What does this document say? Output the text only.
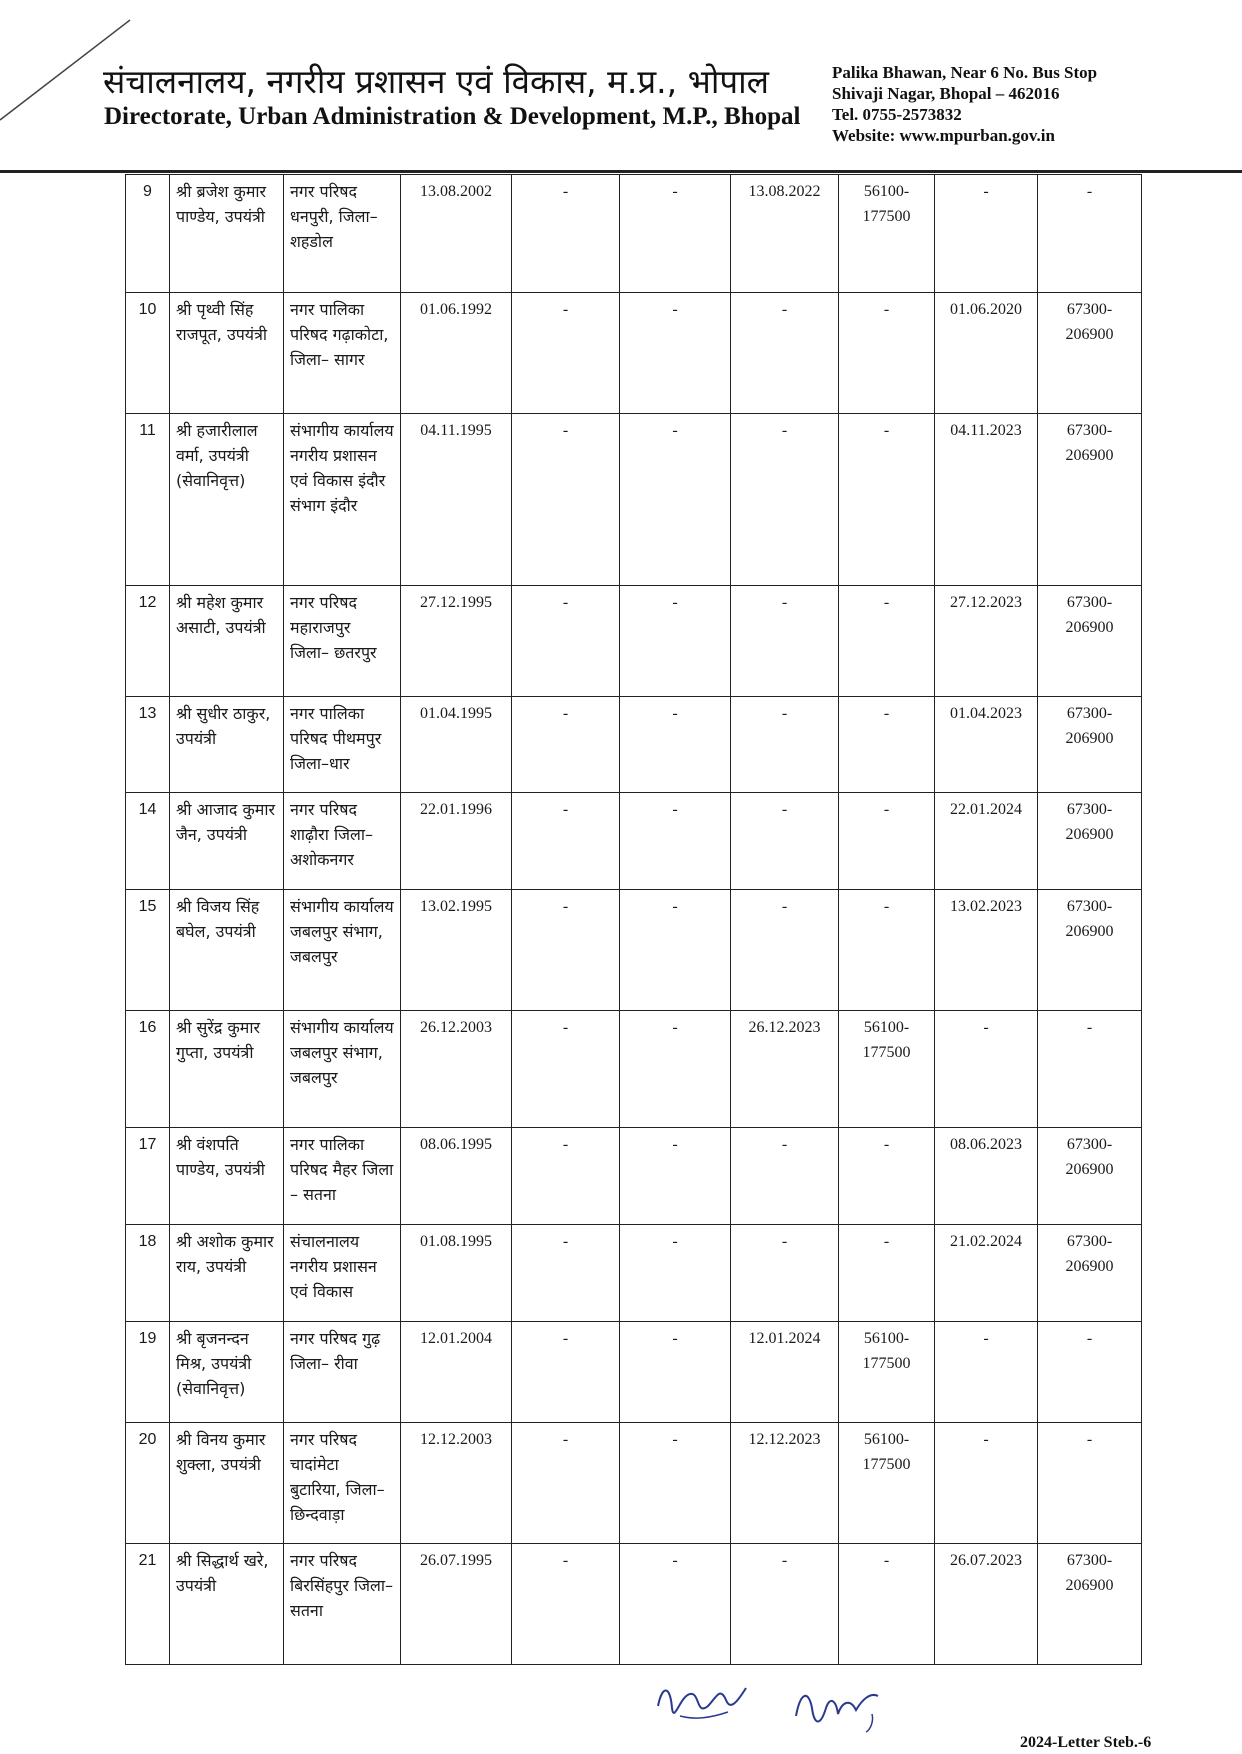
संचालनालय, नगरीय प्रशासन एवं विकास, म.प्र., भोपाल
Directorate, Urban Administration & Development, M.P., Bhopal
Palika Bhawan, Near 6 No. Bus Stop
Shivaji Nagar, Bhopal – 462016
Tel. 0755-2573832
Website: www.mpurban.gov.in
9	श्री ब्रजेश कुमार पाण्डेय, उपयंत्री	नगर परिषद धनपुरी, जिला– शहडोल	13.08.2002	-	-	13.08.2022	56100-177500	-	-
10	श्री पृथ्वी सिंह राजपूत, उपयंत्री	नगर पालिका परिषद गढ़ाकोटा, जिला– सागर	01.06.1992	-	-	-	-	01.06.2020	67300-206900
11	श्री हजारीलाल वर्मा, उपयंत्री (सेवानिवृत्त)	संभागीय कार्यालय नगरीय प्रशासन एवं विकास इंदौर संभाग इंदौर	04.11.1995	-	-	-	-	04.11.2023	67300-206900
12	श्री महेश कुमार असाटी, उपयंत्री	नगर परिषद महाराजपुर जिला– छतरपुर	27.12.1995	-	-	-	-	27.12.2023	67300-206900
13	श्री सुधीर ठाकुर, उपयंत्री	नगर पालिका परिषद पीथमपुर जिला–धार	01.04.1995	-	-	-	-	01.04.2023	67300-206900
14	श्री आजाद कुमार जैन, उपयंत्री	नगर परिषद शाढ़ौरा जिला– अशोकनगर	22.01.1996	-	-	-	-	22.01.2024	67300-206900
15	श्री विजय सिंह बघेल, उपयंत्री	संभागीय कार्यालय जबलपुर संभाग, जबलपुर	13.02.1995	-	-	-	-	13.02.2023	67300-206900
16	श्री सुरेंद्र कुमार गुप्ता, उपयंत्री	संभागीय कार्यालय जबलपुर संभाग, जबलपुर	26.12.2003	-	-	26.12.2023	56100-177500	-	-
17	श्री वंशपति पाण्डेय, उपयंत्री	नगर पालिका परिषद मैहर जिला – सतना	08.06.1995	-	-	-	-	08.06.2023	67300-206900
18	श्री अशोक कुमार राय, उपयंत्री	संचालनालय नगरीय प्रशासन एवं विकास	01.08.1995	-	-	-	-	21.02.2024	67300-206900
19	श्री बृजनन्दन मिश्र, उपयंत्री (सेवानिवृत्त)	नगर परिषद गुढ़ जिला– रीवा	12.01.2004	-	-	12.01.2024	56100-177500	-	-
20	श्री विनय कुमार शुक्ला, उपयंत्री	नगर परिषद चादांमेटा बुटारिया, जिला– छिन्दवाड़ा	12.12.2003	-	-	12.12.2023	56100-177500	-	-
21	श्री सिद्धार्थ खरे, उपयंत्री	नगर परिषद बिरसिंहपुर जिला– सतना	26.07.1995	-	-	-	-	26.07.2023	67300-206900
2024-Letter Steb.-6
